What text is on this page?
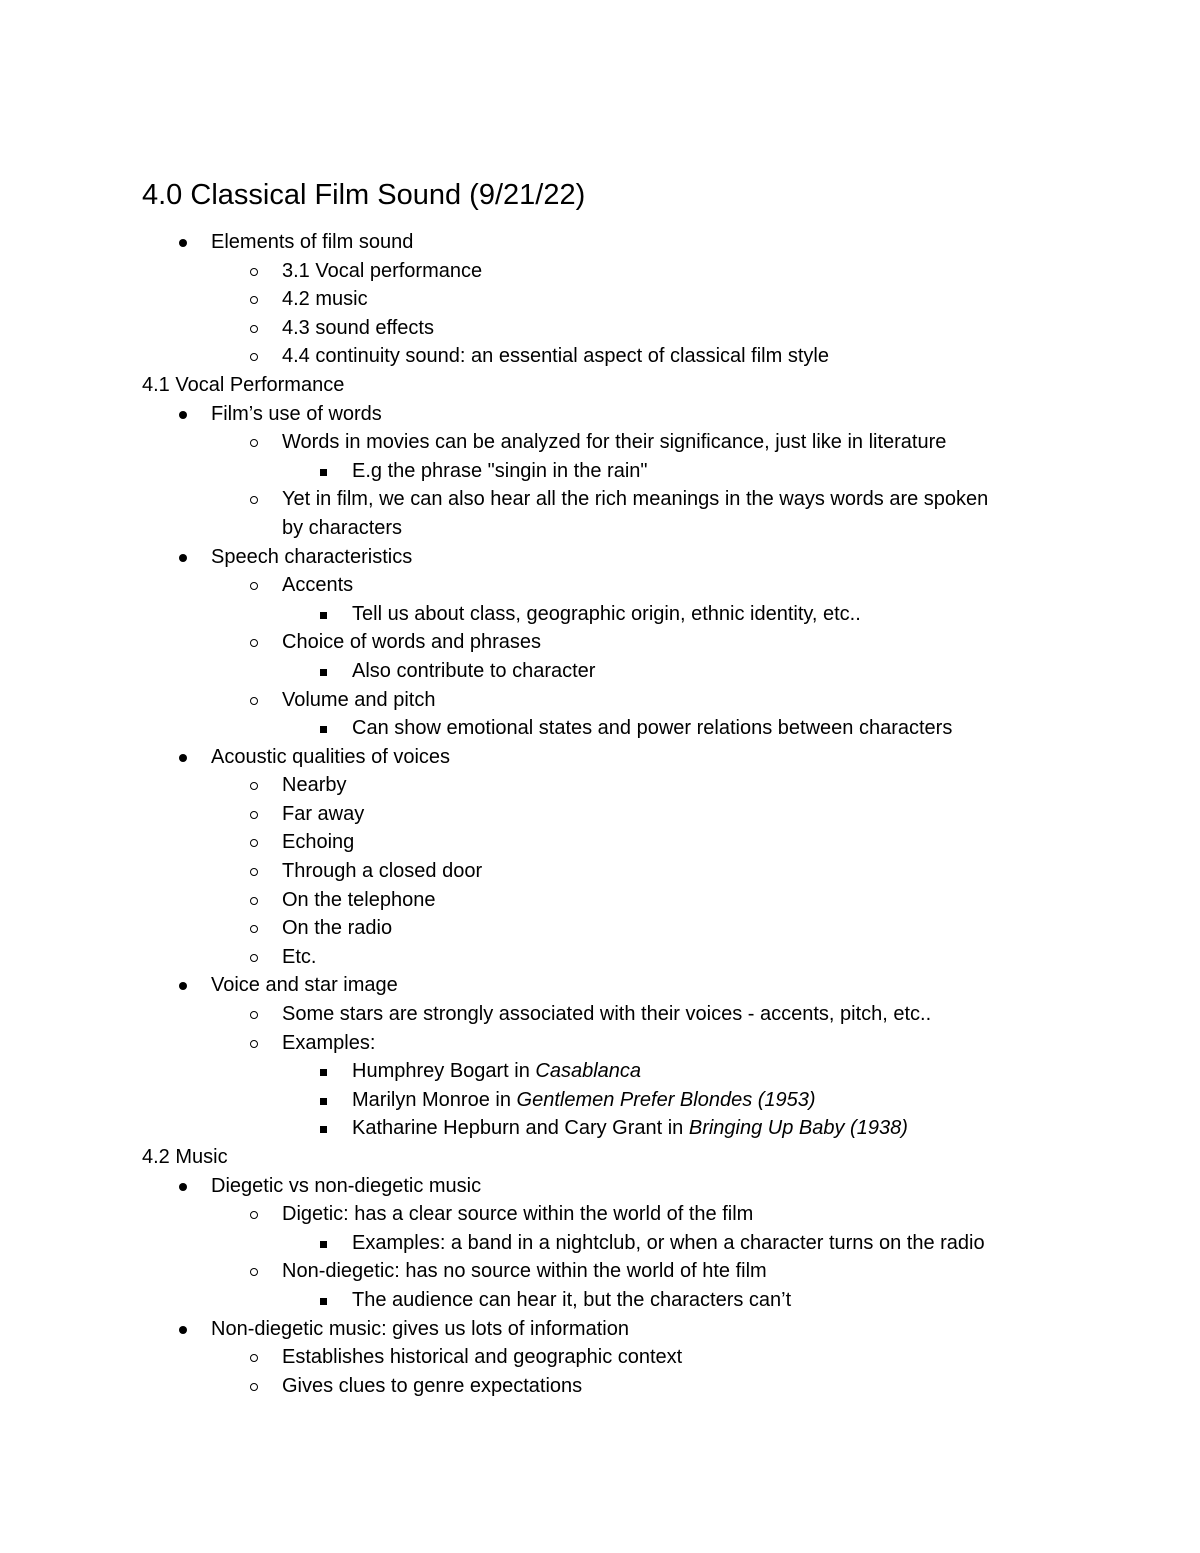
4.0 Classical Film Sound (9/21/22)
Elements of film sound
3.1 Vocal performance
4.2 music
4.3 sound effects
4.4 continuity sound: an essential aspect of classical film style
4.1 Vocal Performance
Film’s use of words
Words in movies can be analyzed for their significance, just like in literature
E.g the phrase "singin in the rain"
Yet in film, we can also hear all the rich meanings in the ways words are spoken
by characters
Speech characteristics
Accents
Tell us about class, geographic origin, ethnic identity, etc..
Choice of words and phrases
Also contribute to character
Volume and pitch
Can show emotional states and power relations between characters
Acoustic qualities of voices
Nearby
Far away
Echoing
Through a closed door
On the telephone
On the radio
Etc.
Voice and star image
Some stars are strongly associated with their voices - accents, pitch, etc..
Examples:
Humphrey Bogart in Casablanca
Marilyn Monroe in Gentlemen Prefer Blondes (1953)
Katharine Hepburn and Cary Grant in Bringing Up Baby (1938)
4.2 Music
Diegetic vs non-diegetic music
Digetic: has a clear source within the world of the film
Examples: a band in a nightclub, or when a character turns on the radio
Non-diegetic: has no source within the world of hte film
The audience can hear it, but the characters can’t
Non-diegetic music: gives us lots of information
Establishes historical and geographic context
Gives clues to genre expectations
